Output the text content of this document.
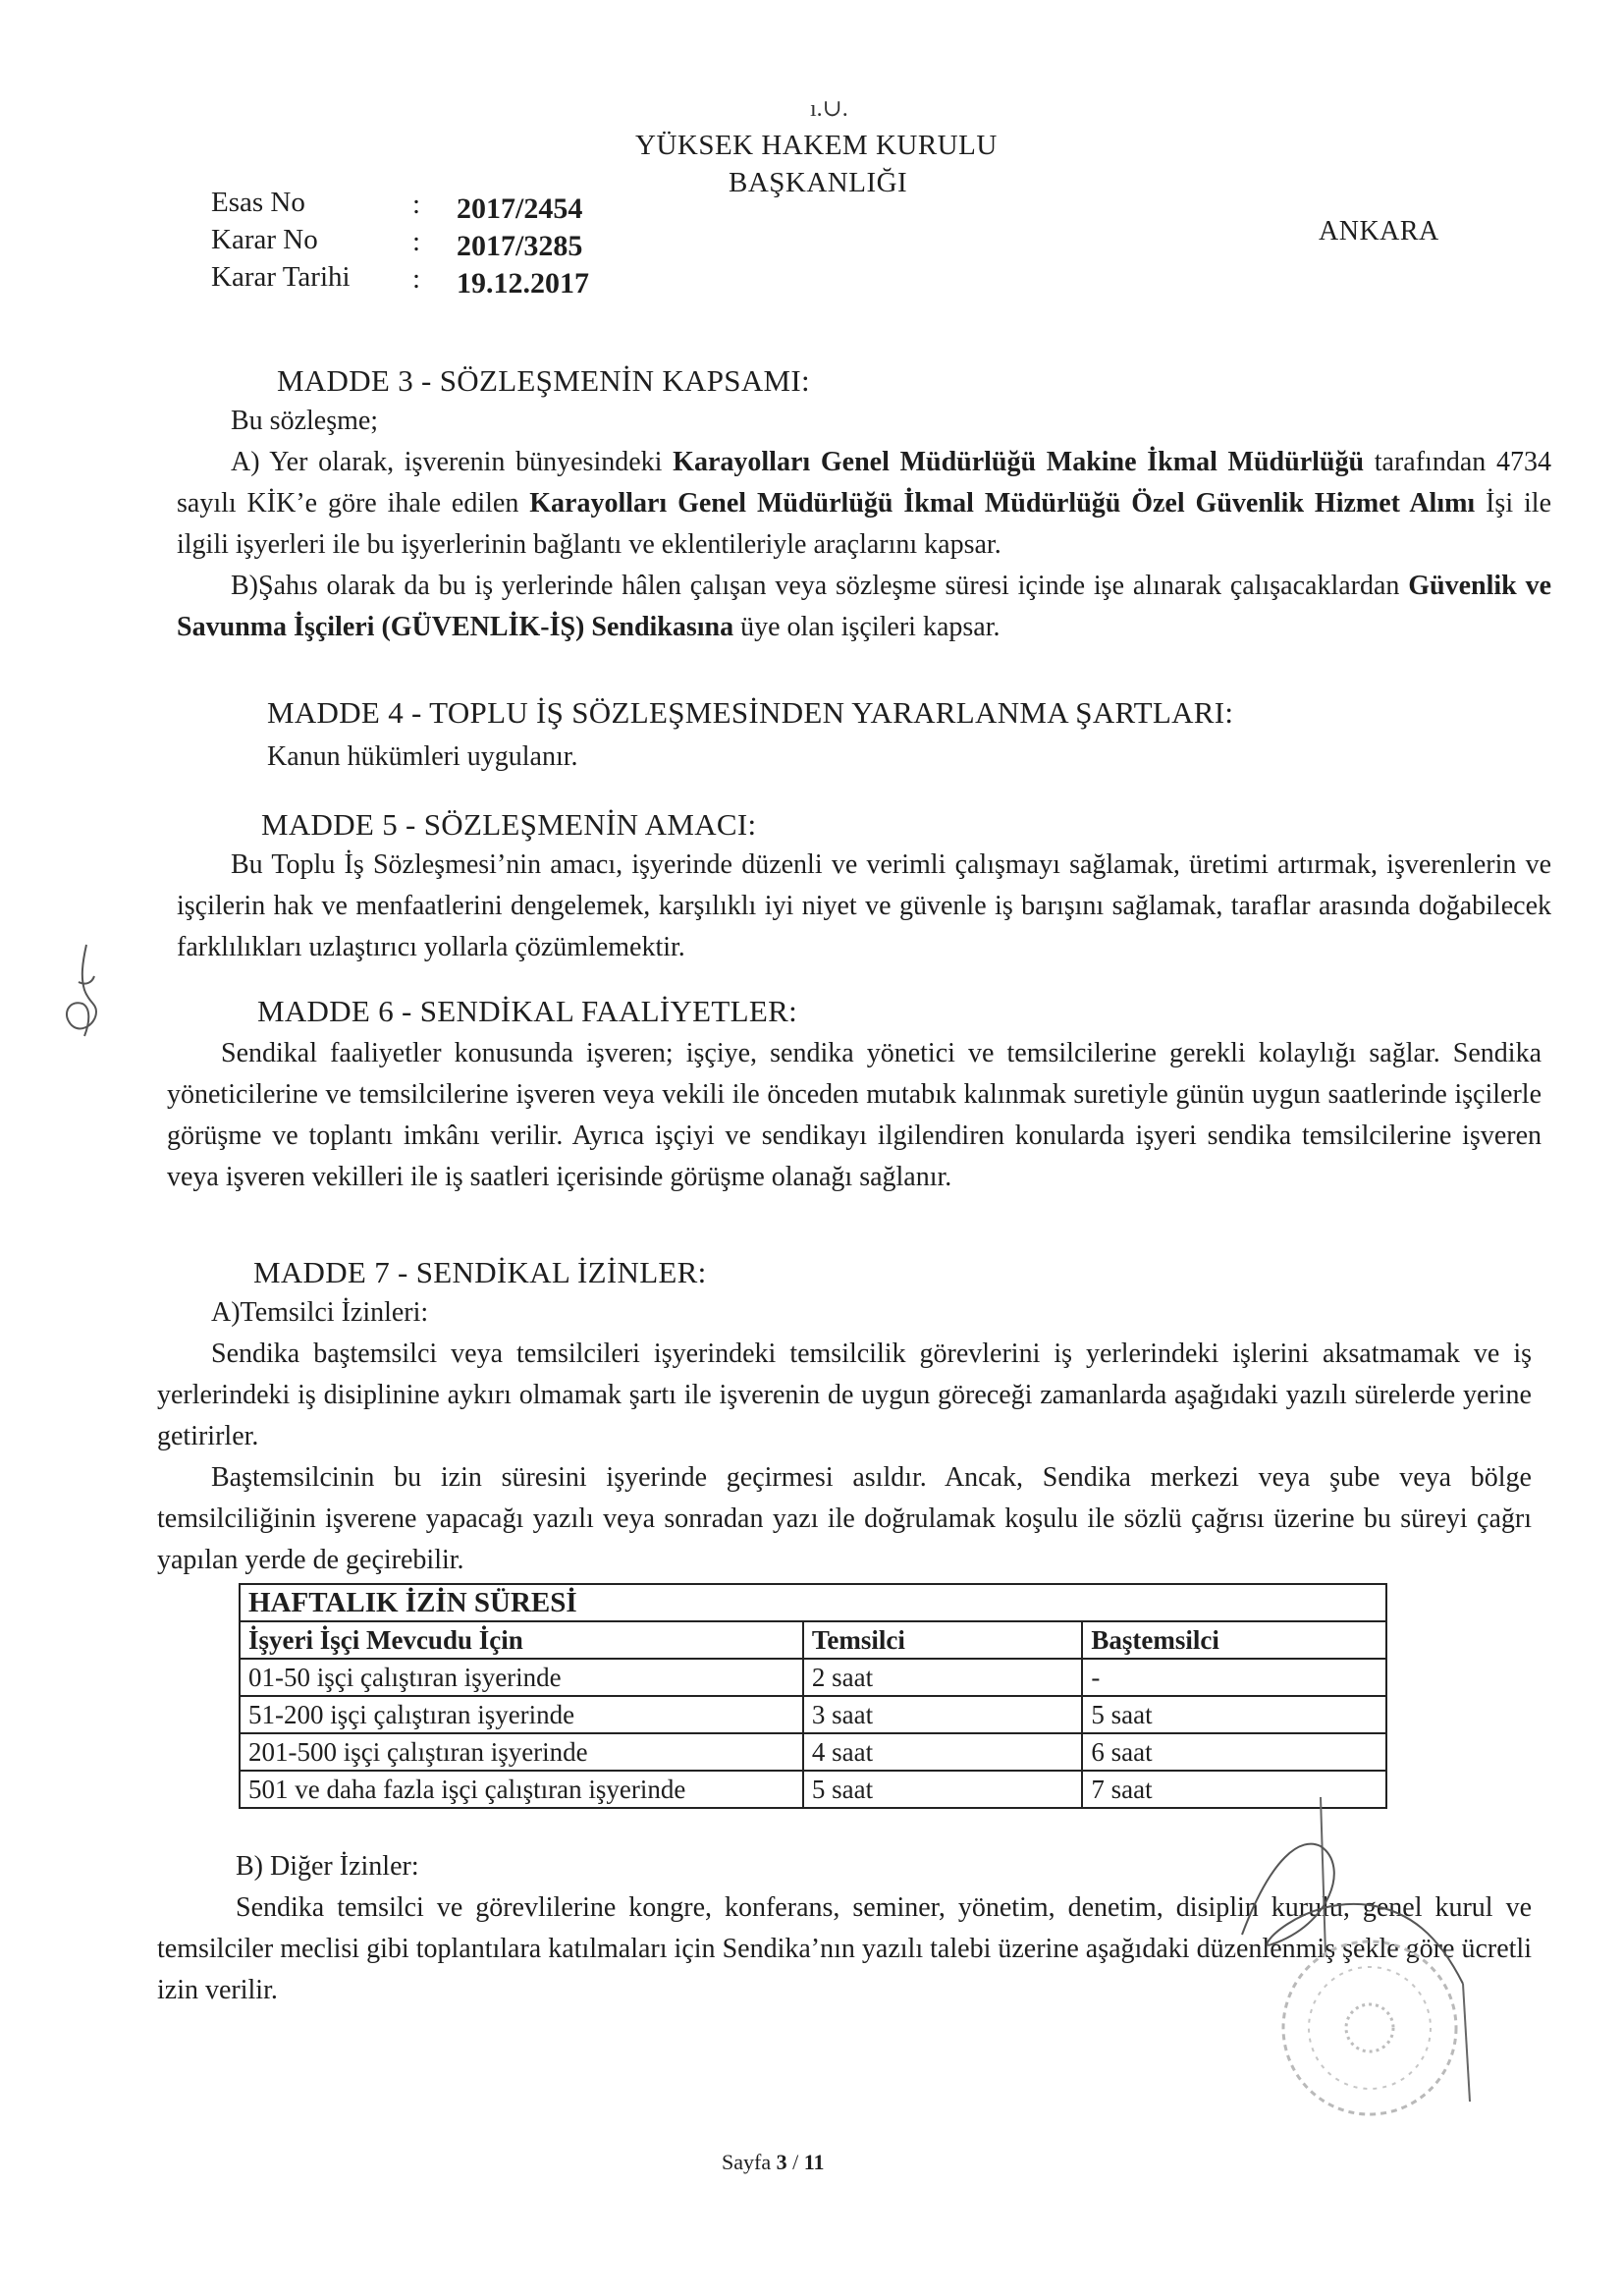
ı.∪.
YÜKSEK HAKEM KURULU
BAŞKANLIĞI
ANKARA
Esas No	: 2017/2454
Karar No	: 2017/3285
Karar Tarihi : 19.12.2017
MADDE 3 - SÖZLEŞMENİN KAPSAMI:

Bu sözleşme;

A) Yer olarak, işverenin bünyesindeki Karayolları Genel Müdürlüğü Makine İkmal Müdürlüğü tarafından 4734 sayılı KİK’e göre ihale edilen Karayolları Genel Müdürlüğü İkmal Müdürlüğü Özel Güvenlik Hizmet Alımı İşi ile ilgili işyerleri ile bu işyerlerinin bağlantı ve eklentileriyle araçlarını kapsar.

B)Şahıs olarak da bu iş yerlerinde hâlen çalışan veya sözleşme süresi içinde işe alınarak çalışacaklardan Güvenlik ve Savunma İşçileri (GÜVENLİK-İŞ) Sendikasına üye olan işçileri kapsar.

MADDE 4 - TOPLU İŞ SÖZLEŞMESİNDEN YARARLANMA ŞARTLARI:
Kanun hükümleri uygulanır.
MADDE 5 - SÖZLEŞMENİN AMACI:

Bu Toplu İş Sözleşmesi’nin amacı, işyerinde düzenli ve verimli çalışmayı sağlamak, üretimi artırmak, işverenlerin ve işçilerin hak ve menfaatlerini dengelemek, karşılıklı iyi niyet ve güvenle iş barışını sağlamak, taraflar arasında doğabilecek farklılıkları uzlaştırıcı yollarla çözümlemektir.

MADDE 6 - SENDİKAL FAALİYETLER:

Sendikal faaliyetler konusunda işveren; işçiye, sendika yönetici ve temsilcilerine gerekli kolaylığı sağlar. Sendika yöneticilerine ve temsilcilerine işveren veya vekili ile önceden mutabık kalınmak suretiyle günün uygun saatlerinde işçilerle görüşme ve toplantı imkânı verilir. Ayrıca işçiyi ve sendikayı ilgilendiren konularda işyeri sendika temsilcilerine işveren veya işveren vekilleri ile iş saatleri içerisinde görüşme olanağı sağlanır.

MADDE 7 - SENDİKAL İZİNLER:

A)Temsilci İzinleri:

Sendika baştemsilci veya temsilcileri işyerindeki temsilcilik görevlerini iş yerlerindeki işlerini aksatmamak ve iş yerlerindeki iş disiplinine aykırı olmamak şartı ile işverenin de uygun göreceği zamanlarda aşağıdaki yazılı sürelerde yerine getirirler.

Baştemsilcinin bu izin süresini işyerinde geçirmesi asıldır. Ancak, Sendika merkezi veya şube veya bölge temsilciliğinin işverene yapacağı yazılı veya sonradan yazı ile doğrulamak koşulu ile sözlü çağrısı üzerine bu süreyi çağrı yapılan yerde de geçirebilir.

HAFTALIK İZİN SÜRESİ		
İşyeri İşçi Mevcudu İçin	Temsilci	Baştemsilci
01-50 işçi çalıştıran işyerinde	2 saat	-
51-200 işçi çalıştıran işyerinde	3 saat	5 saat
201-500 işçi çalıştıran işyerinde	4 saat	6 saat
501 ve daha fazla işçi çalıştıran işyerinde	5 saat	7 saat

B) Diğer İzinler:

Sendika temsilci ve görevlilerine kongre, konferans, seminer, yönetim, denetim, disiplin kurulu, genel kurul ve temsilciler meclisi gibi toplantılara katılmaları için Sendika’nın yazılı talebi üzerine aşağıdaki düzenlenmiş şekle göre ücretli izin verilir.

Sayfa 3 / 11
